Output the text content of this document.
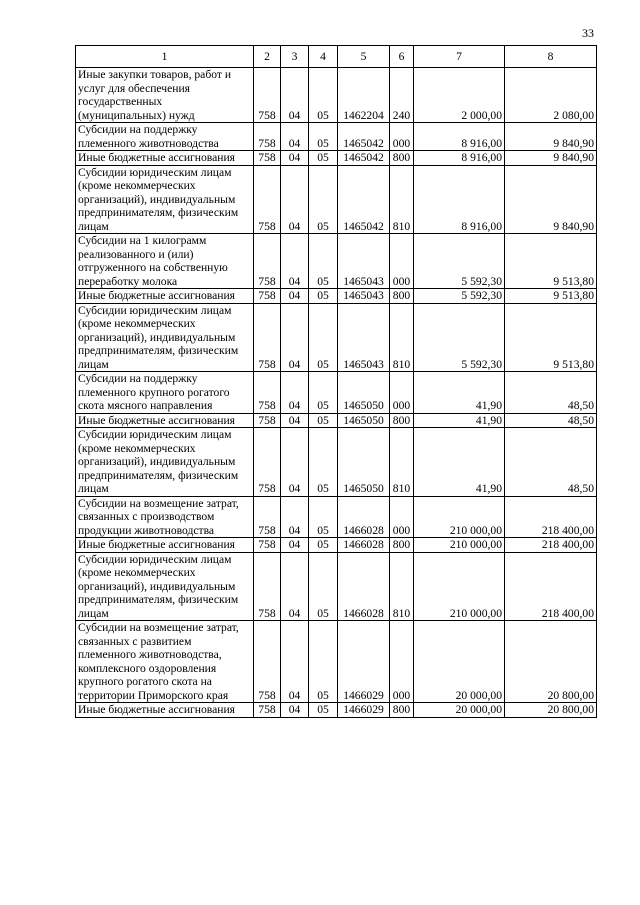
33
1	2	3	4	5	6	7	8
Иные закупки товаров, работ и услуг для обеспечения государственных (муниципальных) нужд	758	04	05	1462204	240	2 000,00	2 080,00
Субсидии на поддержку племенного животноводства	758	04	05	1465042	000	8 916,00	9 840,90
Иные бюджетные ассигнования	758	04	05	1465042	800	8 916,00	9 840,90
Субсидии юридическим лицам (кроме некоммерческих организаций), индивидуальным предпринимателям, физическим лицам	758	04	05	1465042	810	8 916,00	9 840,90
Субсидии на 1 килограмм реализованного и (или) отгруженного на собственную переработку молока	758	04	05	1465043	000	5 592,30	9 513,80
Иные бюджетные ассигнования	758	04	05	1465043	800	5 592,30	9 513,80
Субсидии юридическим лицам (кроме некоммерческих организаций), индивидуальным предпринимателям, физическим лицам	758	04	05	1465043	810	5 592,30	9 513,80
Субсидии на поддержку племенного крупного рогатого скота мясного направления	758	04	05	1465050	000	41,90	48,50
Иные бюджетные ассигнования	758	04	05	1465050	800	41,90	48,50
Субсидии юридическим лицам (кроме некоммерческих организаций), индивидуальным предпринимателям, физическим лицам	758	04	05	1465050	810	41,90	48,50
Субсидии на возмещение затрат, связанных с производством продукции животноводства	758	04	05	1466028	000	210 000,00	218 400,00
Иные бюджетные ассигнования	758	04	05	1466028	800	210 000,00	218 400,00
Субсидии юридическим лицам (кроме некоммерческих организаций), индивидуальным предпринимателям, физическим лицам	758	04	05	1466028	810	210 000,00	218 400,00
Субсидии на возмещение затрат, связанных с развитием племенного животноводства, комплексного оздоровления крупного рогатого скота на территории Приморского края	758	04	05	1466029	000	20 000,00	20 800,00
Иные бюджетные ассигнования	758	04	05	1466029	800	20 000,00	20 800,00
